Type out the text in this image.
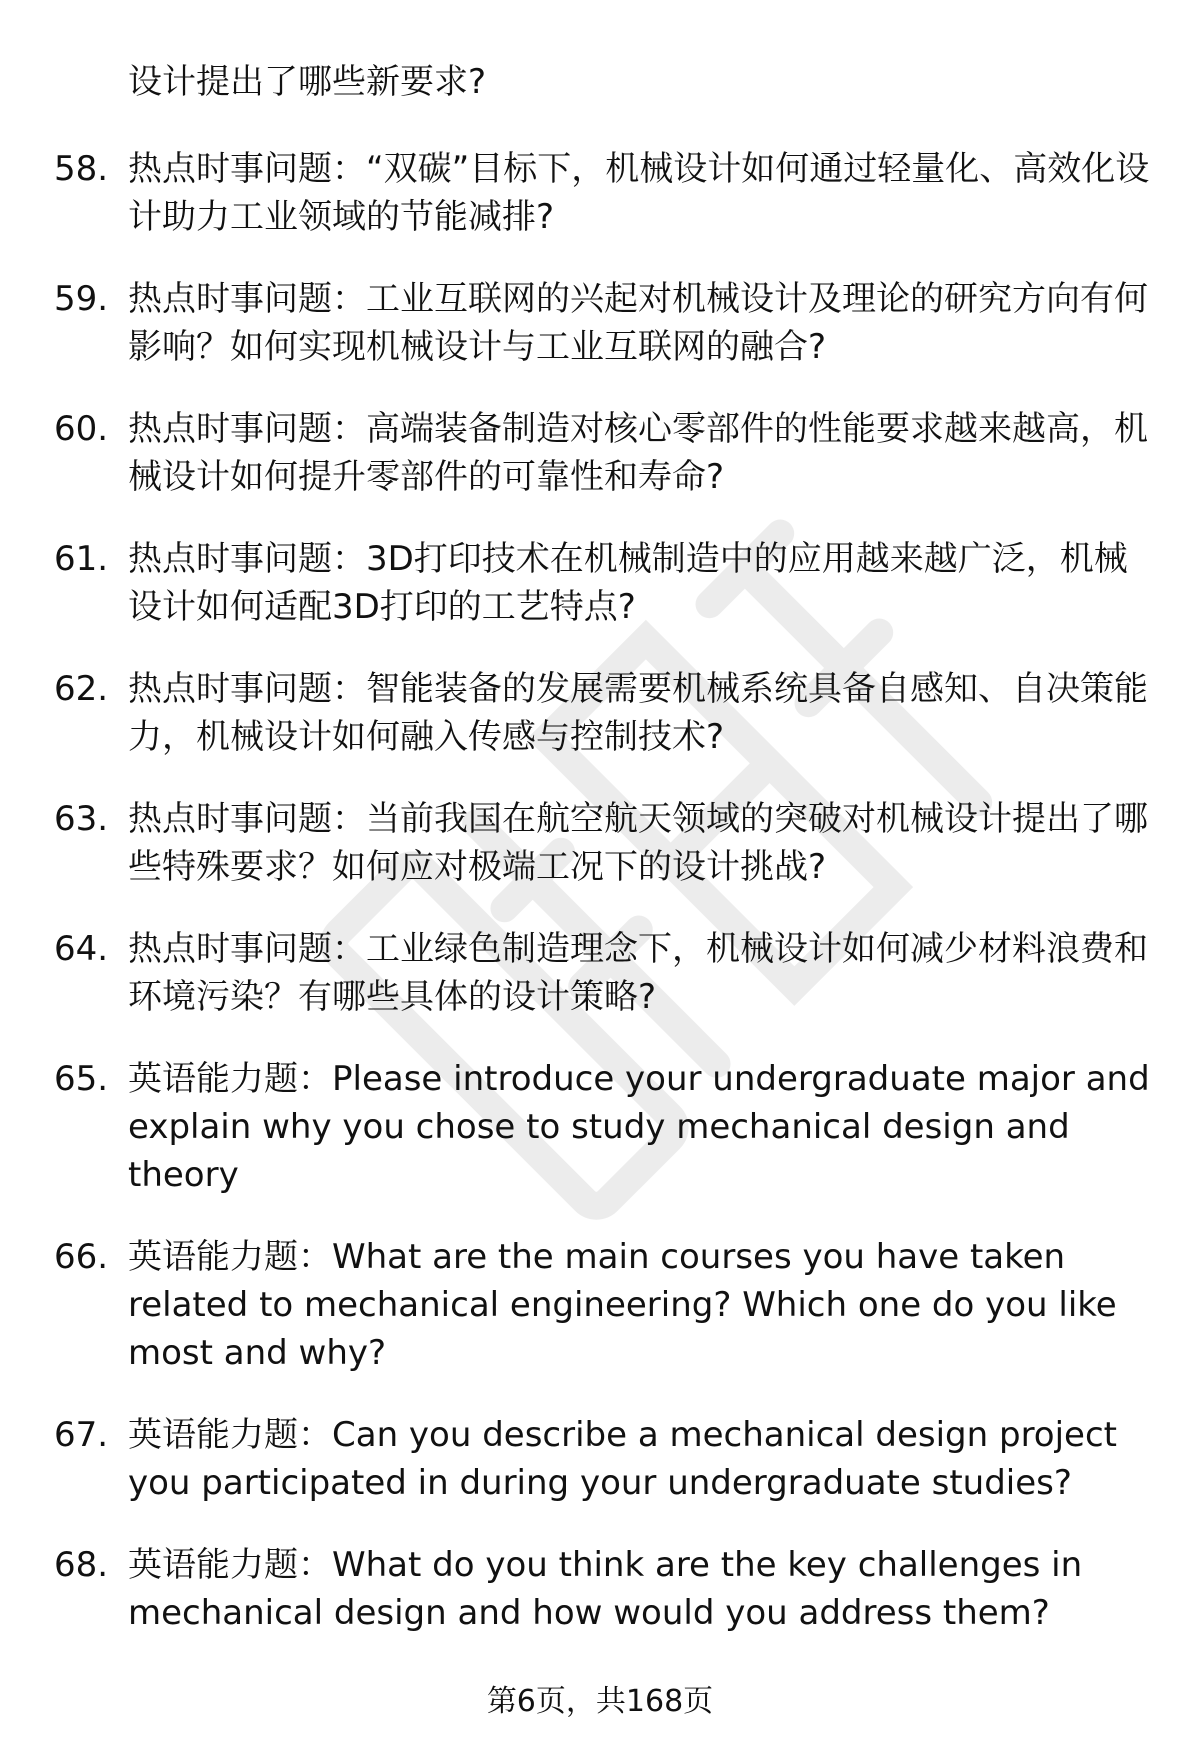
设计提出了哪些新要求?
58. 热点时事问题：“双碳”目标下，机械设计如何通过轻量化、高效化设计助力工业领域的节能减排?
59. 热点时事问题：工业互联网的兴起对机械设计及理论的研究方向有何影响？如何实现机械设计与工业互联网的融合?
60. 热点时事问题：高端装备制造对核心零部件的性能要求越来越高，机械设计如何提升零部件的可靠性和寿命?
61. 热点时事问题：3D打印技术在机械制造中的应用越来越广泛，机械设计如何适配3D打印的工艺特点?
62. 热点时事问题：智能装备的发展需要机械系统具备自感知、自决策能力，机械设计如何融入传感与控制技术?
63. 热点时事问题：当前我国在航空航天领域的突破对机械设计提出了哪些特殊要求？如何应对极端工况下的设计挑战?
64. 热点时事问题：工业绿色制造理念下，机械设计如何减少材料浪费和环境污染？有哪些具体的设计策略?
65. 英语能力题：Please introduce your undergraduate major and explain why you chose to study mechanical design and theory
66. 英语能力题：What are the main courses you have taken related to mechanical engineering? Which one do you like most and why?
67. 英语能力题：Can you describe a mechanical design project you participated in during your undergraduate studies?
68. 英语能力题：What do you think are the key challenges in mechanical design and how would you address them?
第6页，共168页
